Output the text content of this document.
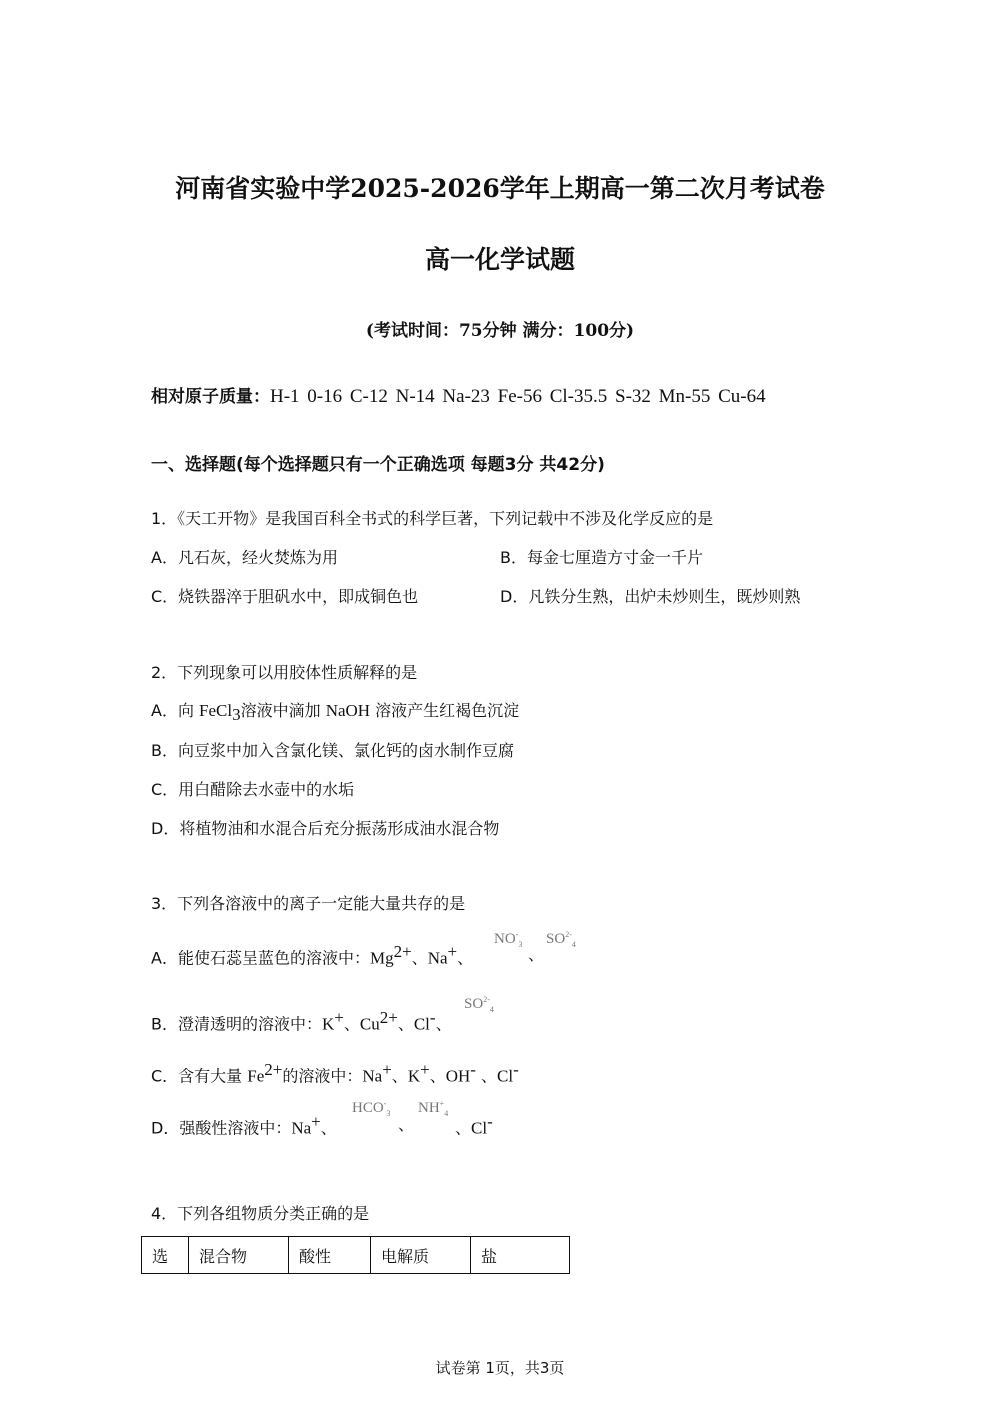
河南省实验中学2025-2026学年上期高一第二次月考试卷
高一化学试题
(考试时间：75分钟 满分：100分)
相对原子质量：H-1 0-16 C-12 N-14 Na-23 Fe-56 Cl-35.5 S-32 Mn-55 Cu-64
一、选择题(每个选择题只有一个正确选项 每题3分 共42分)
1．《天工开物》是我国百科全书式的科学巨著，下列记载中不涉及化学反应的是
A．凡石灰，经火焚炼为用	B．每金七厘造方寸金一千片
C．烧铁器淬于胆矾水中，即成铜色也	D．凡铁分生熟，出炉未炒则生，既炒则熟
2．下列现象可以用胶体性质解释的是
A．向 FeCl$_3$溶液中滴加 NaOH 溶液产生红褐色沉淀
B．向豆浆中加入含氯化镁、氯化钙的卤水制作豆腐
C．用白醋除去水壶中的水垢
D．将植物油和水混合后充分振荡形成油水混合物
3．下列各溶液中的离子一定能大量共存的是
A．能使石蕊呈蓝色的溶液中：$Mg^{2+}$、Na+、
$NO^-_3$
、
$SO^{2-}_4$
B．澄清透明的溶液中：K+、$Cu^{2+}$、Cl-、
$SO^{2-}_4$
C．含有大量 $Fe^{2+}$的溶液中：Na+、K+、OH- 、Cl-
D．强酸性溶液中：Na+、
$HCO^-_3$
、
$NH^+_4$
、Cl-
4．下列各组物质分类正确的是
选	混合物	酸性	电解质	盐
试卷第 1页，共3页
